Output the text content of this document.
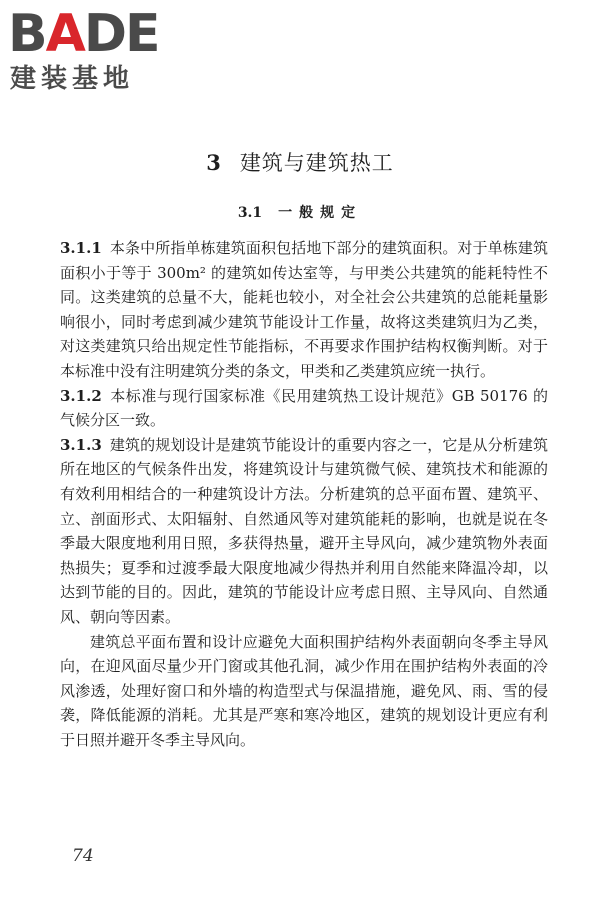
BADE
建装基地
3 建筑与建筑热工
3.1 一般规定

3.1.1 本条中所指单栋建筑面积包括地下部分的建筑面积。对于单栋建筑面积小于等于 300m² 的建筑如传达室等，与甲类公共建筑的能耗特性不同。这类建筑的总量不大，能耗也较小，对全社会公共建筑的总能耗量影响很小，同时考虑到减少建筑节能设计工作量，故将这类建筑归为乙类，对这类建筑只给出规定性节能指标，不再要求作围护结构权衡判断。对于本标准中没有注明建筑分类的条文，甲类和乙类建筑应统一执行。

3.1.2 本标准与现行国家标准《民用建筑热工设计规范》GB 50176 的气候分区一致。

3.1.3 建筑的规划设计是建筑节能设计的重要内容之一，它是从分析建筑所在地区的气候条件出发，将建筑设计与建筑微气候、建筑技术和能源的有效利用相结合的一种建筑设计方法。分析建筑的总平面布置、建筑平、立、剖面形式、太阳辐射、自然通风等对建筑能耗的影响，也就是说在冬季最大限度地利用日照，多获得热量，避开主导风向，减少建筑物外表面热损失；夏季和过渡季最大限度地减少得热并利用自然能来降温冷却，以达到节能的目的。因此，建筑的节能设计应考虑日照、主导风向、自然通风、朝向等因素。

建筑总平面布置和设计应避免大面积围护结构外表面朝向冬季主导风向，在迎风面尽量少开门窗或其他孔洞，减少作用在围护结构外表面的冷风渗透，处理好窗口和外墙的构造型式与保温措施，避免风、雨、雪的侵袭，降低能源的消耗。尤其是严寒和寒冷地区，建筑的规划设计更应有利于日照并避开冬季主导风向。

74
